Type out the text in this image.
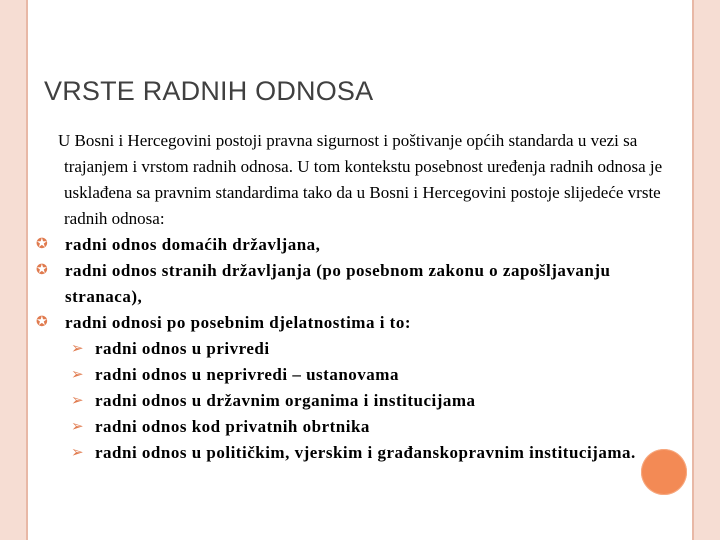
VRSTE RADNIH ODNOSA

U Bosni i Hercegovini postoji pravna sigurnost i poštivanje općih standarda u vezi sa trajanjem i vrstom radnih odnosa. U tom kontekstu posebnost uređenja radnih odnosa je usklađena sa pravnim standardima tako da u Bosni i Hercegovini postoje slijedeće vrste radnih odnosa:

✪ radni odnos domaćih državljana,
✪ radni odnos stranih državljanja (po posebnom zakonu o zapošljavanju stranaca),
✪ radni odnosi po posebnim djelatnostima i to:
➢ radni odnos u privredi
➢ radni odnos u neprivredi – ustanovama
➢ radni odnos u državnim organima i institucijama
➢ radni odnos kod privatnih obrtnika
➢ radni odnos u političkim, vjerskim i građanskopravnim institucijama.
